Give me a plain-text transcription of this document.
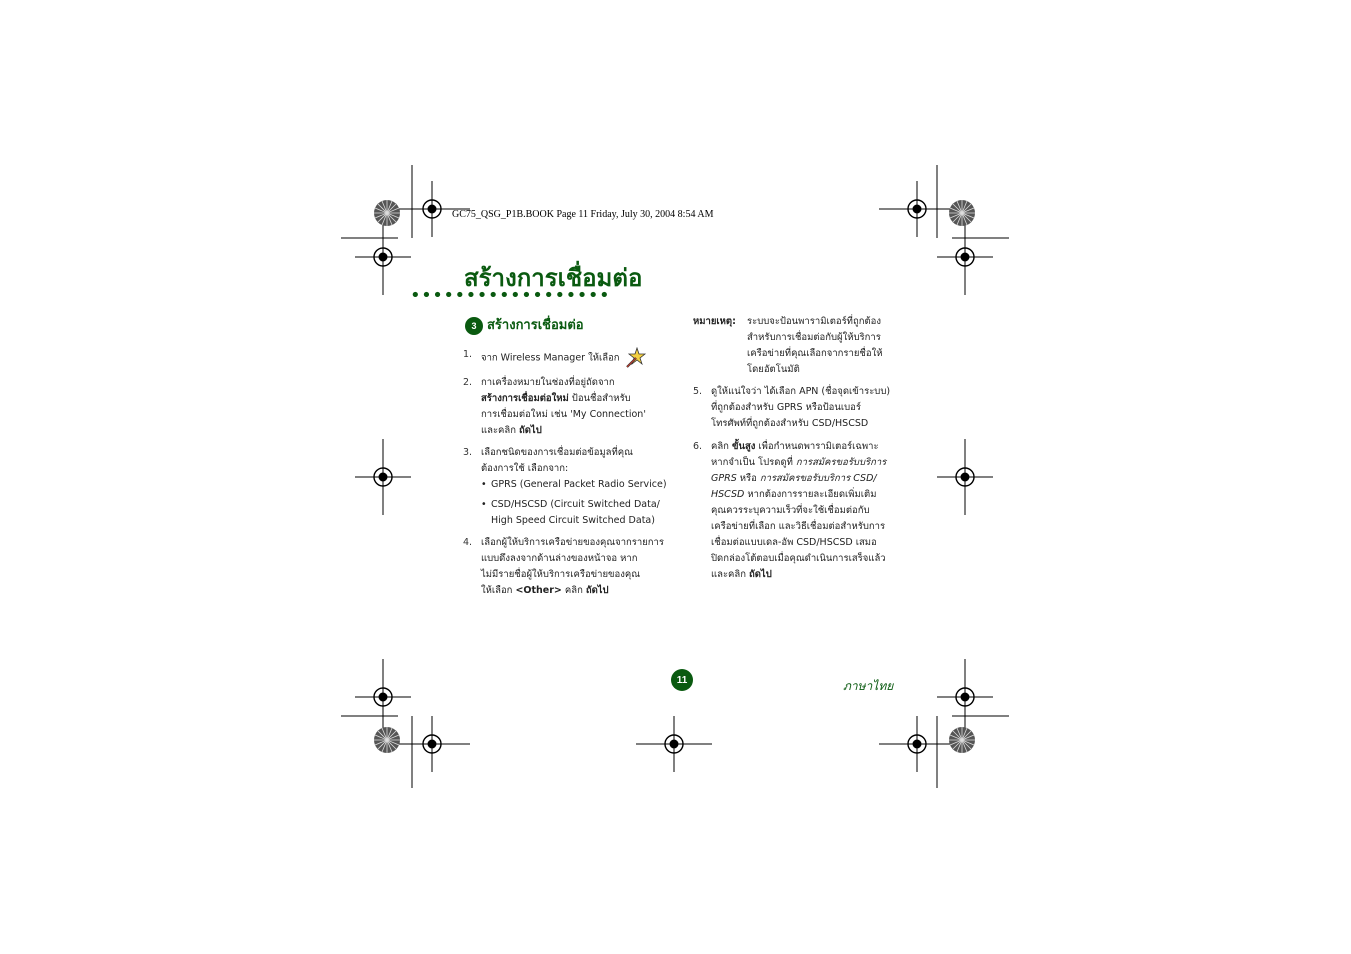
GC75_QSG_P1B.BOOK Page 11 Friday, July 30, 2004 8:54 AM
สร้างการเชื่อมต่อ
••••••••••••••••••
3 สร้างการเชื่อมต่อ
1. จาก Wireless Manager ให้เลือก
2. กาเครื่องหมายในช่องที่อยู่ถัดจาก
สร้างการเชื่อมต่อใหม่ ป้อนชื่อสำหรับ
การเชื่อมต่อใหม่ เช่น 'My Connection'
และคลิก ถัดไป
3. เลือกชนิดของการเชื่อมต่อข้อมูลที่คุณ
ต้องการใช้ เลือกจาก:
• GPRS (General Packet Radio Service)
• CSD/HSCSD (Circuit Switched Data/
High Speed Circuit Switched Data)
4. เลือกผู้ให้บริการเครือข่ายของคุณจากรายการ
แบบดึงลงจากด้านล่างของหน้าจอ หาก
ไม่มีรายชื่อผู้ให้บริการเครือข่ายของคุณ
ให้เลือก <Other> คลิก ถัดไป
หมายเหตุ: ระบบจะป้อนพารามิเตอร์ที่ถูกต้อง
สำหรับการเชื่อมต่อกับผู้ให้บริการ
เครือข่ายที่คุณเลือกจากรายชื่อให้
โดยอัตโนมัติ
5. ดูให้แน่ใจว่า ได้เลือก APN (ชื่อจุดเข้าระบบ)
ที่ถูกต้องสำหรับ GPRS หรือป้อนเบอร์
โทรศัพท์ที่ถูกต้องสำหรับ CSD/HSCSD
6. คลิก ขั้นสูง เพื่อกำหนดพารามิเตอร์เฉพาะ
หากจำเป็น โปรดดูที่ การสมัครขอรับบริการ
GPRS หรือ การสมัครขอรับบริการ CSD/
HSCSD หากต้องการรายละเอียดเพิ่มเติม
คุณควรระบุความเร็วที่จะใช้เชื่อมต่อกับ
เครือข่ายที่เลือก และวิธีเชื่อมต่อสำหรับการ
เชื่อมต่อแบบเดล-อัพ CSD/HSCSD เสมอ
ปิดกล่องโต้ตอบเมื่อคุณดำเนินการเสร็จแล้ว
และคลิก ถัดไป
11	ภาษาไทย
